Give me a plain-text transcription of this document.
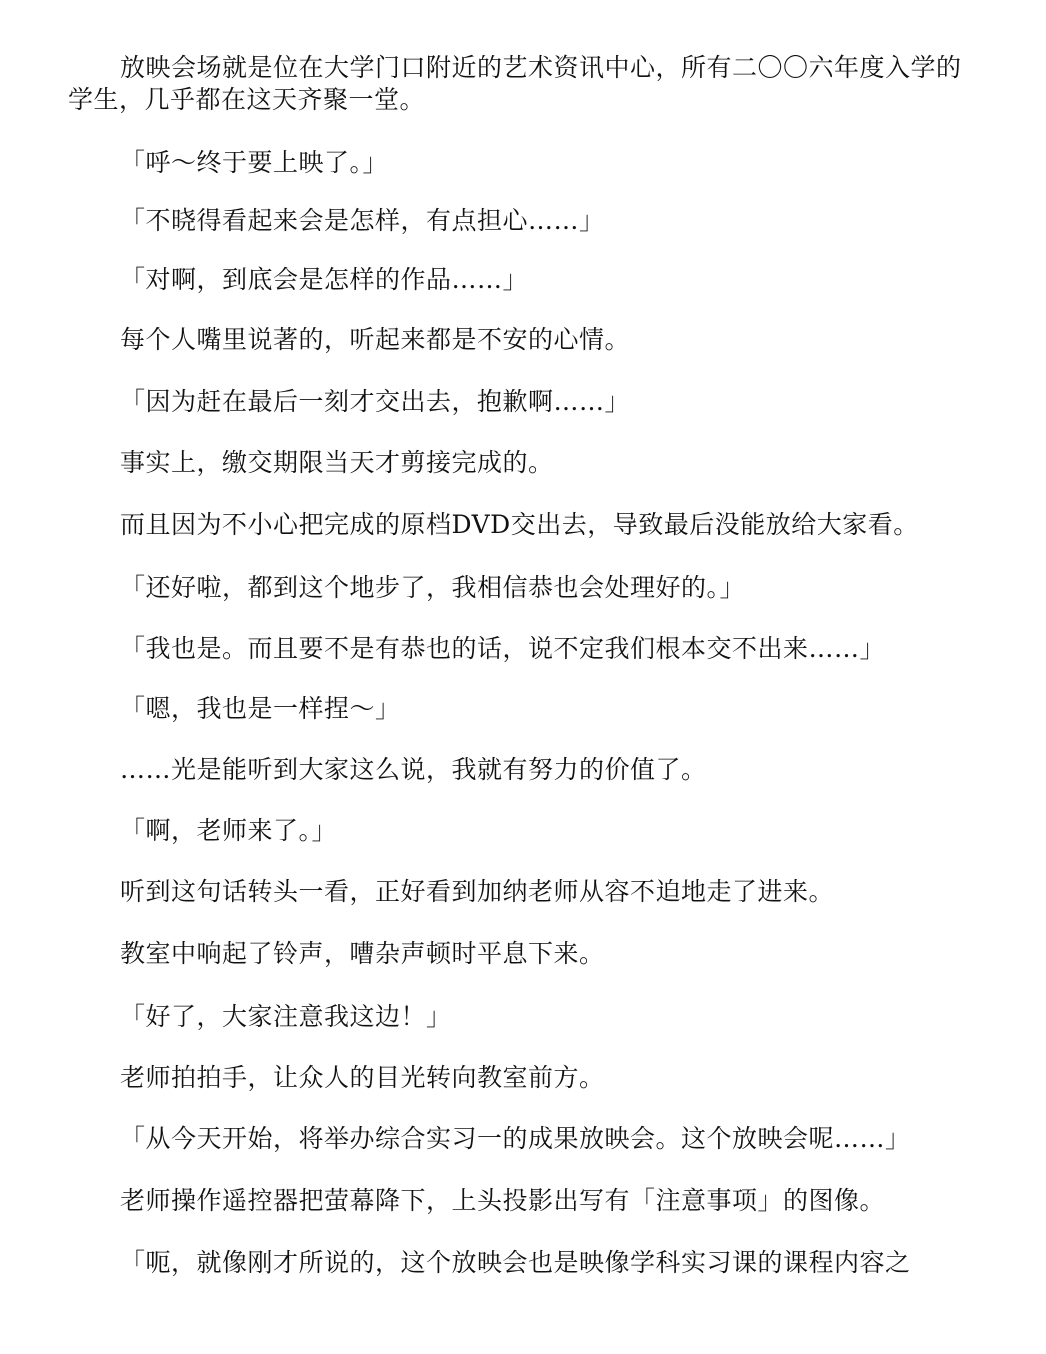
放映会场就是位在大学门口附近的艺术资讯中心，所有二〇〇六年度入学的学生，几乎都在这天齐聚一堂。

「呼～终于要上映了。」

「不晓得看起来会是怎样，有点担心……」

「对啊，到底会是怎样的作品……」

每个人嘴里说著的，听起来都是不安的心情。

「因为赶在最后一刻才交出去，抱歉啊……」

事实上，缴交期限当天才剪接完成的。

而且因为不小心把完成的原档DVD交出去，导致最后没能放给大家看。

「还好啦，都到这个地步了，我相信恭也会处理好的。」

「我也是。而且要不是有恭也的话，说不定我们根本交不出来……」

「嗯，我也是一样捏～」

……光是能听到大家这么说，我就有努力的价值了。

「啊，老师来了。」

听到这句话转头一看，正好看到加纳老师从容不迫地走了进来。

教室中响起了铃声，嘈杂声顿时平息下来。

「好了，大家注意我这边！」

老师拍拍手，让众人的目光转向教室前方。

「从今天开始，将举办综合实习一的成果放映会。这个放映会呢……」

老师操作遥控器把萤幕降下，上头投影出写有「注意事项」的图像。

「呃，就像刚才所说的，这个放映会也是映像学科实习课的课程内容之
